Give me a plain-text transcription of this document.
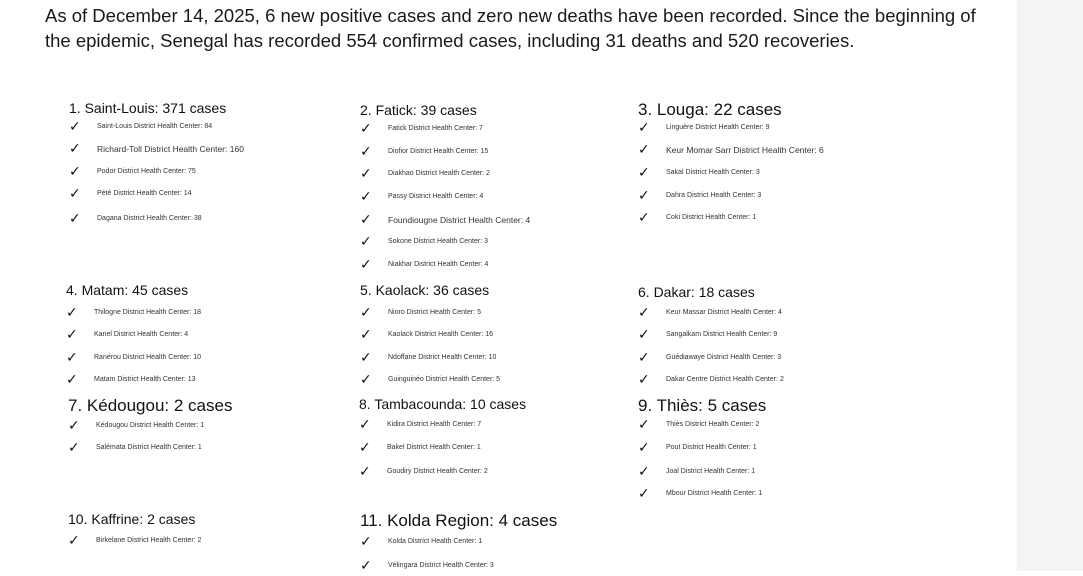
As of December 14, 2025, 6 new positive cases and zero new deaths have been recorded. Since the beginning of the epidemic, Senegal has recorded 554 confirmed cases, including 31 deaths and 520 recoveries.
1. Saint-Louis: 371 cases
✓	Saint-Louis District Health Center: 84
✓	Richard-Toll District Health Center: 160
✓	Podor District Health Center: 75
✓	Pété District Health Center: 14
✓	Dagana District Health Center: 38
2. Fatick: 39 cases
✓	Fatick District Health Center: 7
✓	Diofior District Health Center: 15
✓	Diakhao District Health Center: 2
✓	Passy District Health Center: 4
✓	Foundiougne District Health Center: 4
✓	Sokone District Health Center: 3
✓	Niakhar District Health Center: 4
3. Louga: 22 cases
✓	Linguère District Health Center: 9
✓	Keur Momar Sarr District Health Center: 6
✓	Sakal District Health Center: 3
✓	Dahra District Health Center: 3
✓	Coki District Health Center: 1
4. Matam: 45 cases
✓	Thilogne District Health Center: 18
✓	Kanel District Health Center: 4
✓	Ranérou District Health Center: 10
✓	Matam District Health Center: 13
5. Kaolack: 36 cases
✓	Nioro District Health Center: 5
✓	Kaolack District Health Center: 16
✓	Ndoffane District Health Center: 10
✓	Guinguinéo District Health Center: 5
6. Dakar: 18 cases
✓	Keur Massar District Health Center: 4
✓	Sangalkam District Health Center: 9
✓	Guédiawaye District Health Center: 3
✓	Dakar Centre District Health Center: 2
7. Kédougou: 2 cases
✓	Kédougou District Health Center: 1
✓	Salémata District Health Center: 1
8. Tambacounda: 10 cases
✓	Kidira District Health Center: 7
✓	Bakel District Health Center: 1
✓	Goudiry District Health Center: 2
9. Thiès: 5 cases
✓	Thiès District Health Center: 2
✓	Pout District Health Center: 1
✓	Joal District Health Center: 1
✓	Mbour District Health Center: 1
10. Kaffrine: 2 cases
✓	Birkelane District Health Center: 2
11. Kolda Region: 4 cases
✓	Kolda District Health Center: 1
✓	Vélingara District Health Center: 3
